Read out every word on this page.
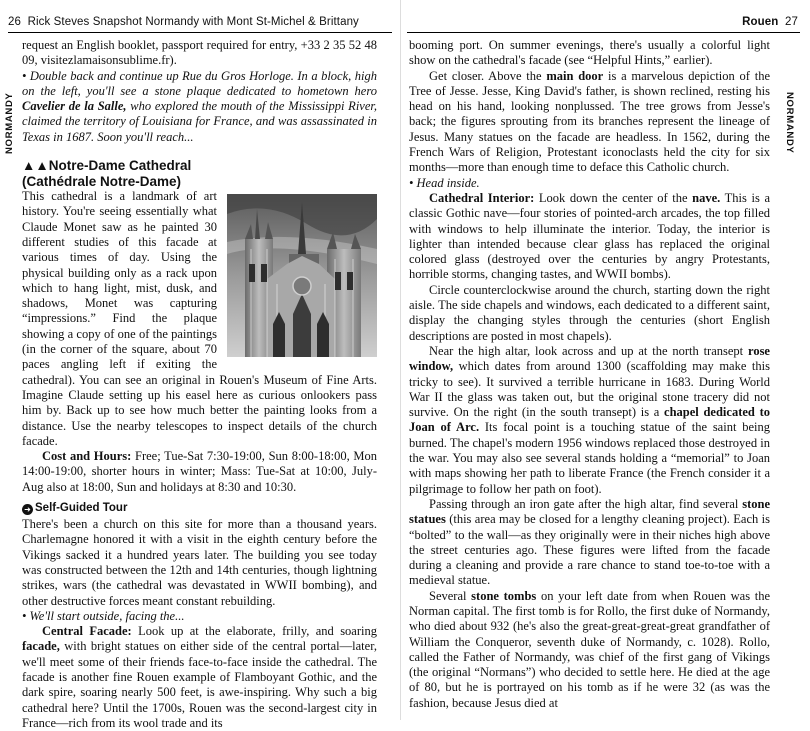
26 Rick Steves Snapshot Normandy with Mont St-Michel & Brittany
NORMANDY

request an English booklet, passport required for entry, +33 2 35 52 48 09, visitezlamaisonsublime.fr).

• Double back and continue up Rue du Gros Horloge. In a block, high on the left, you'll see a stone plaque dedicated to hometown hero Cavelier de la Salle, who explored the mouth of the Mississippi River, claimed the territory of Louisiana for France, and was assassinated in Texas in 1687. Soon you'll reach...

▲▲Notre-Dame Cathedral
(Cathédrale Notre-Dame)

This cathedral is a landmark of art history. You're seeing essentially what Claude Monet saw as he painted 30 different studies of this facade at various times of day. Using the physical building only as a rack upon which to hang light, mist, dusk, and shadows, Monet was capturing “impressions.” Find the plaque showing a copy of one of the paintings (in the corner of the square, about 70 paces angling left if exiting the cathedral). You can see an original in Rouen's Museum of Fine Arts. Imagine Claude setting up his easel here as curious onlookers pass him by. Back up to see how much better the painting looks from a distance. Use the nearby telescopes to inspect details of the church facade.

Cost and Hours: Free; Tue-Sat 7:30-19:00, Sun 8:00-18:00, Mon 14:00-19:00, shorter hours in winter; Mass: Tue-Sat at 10:00, July-Aug also at 18:00, Sun and holidays at 8:30 and 10:30.

➜ Self-Guided Tour

There's been a church on this site for more than a thousand years. Charlemagne honored it with a visit in the eighth century before the Vikings sacked it a hundred years later. The building you see today was constructed between the 12th and 14th centuries, though lightning strikes, wars (the cathedral was devastated in WWII bombing), and other destructive forces meant constant rebuilding.

• We'll start outside, facing the...

Central Facade: Look up at the elaborate, frilly, and soaring facade, with bright statues on either side of the central portal—later, we'll meet some of their friends face-to-face inside the cathedral. The facade is another fine Rouen example of Flamboyant Gothic, and the dark spire, soaring nearly 500 feet, is awe-inspiring. Why such a big cathedral here? Until the 1700s, Rouen was the second-largest city in France—rich from its wool trade and its

Rouen 27
NORMANDY

booming port. On summer evenings, there's usually a colorful light show on the cathedral's facade (see “Helpful Hints,” earlier).

Get closer. Above the main door is a marvelous depiction of the Tree of Jesse. Jesse, King David's father, is shown reclined, resting his head on his hand, looking nonplussed. The tree grows from Jesse's back; the figures sprouting from its branches represent the lineage of Jesus. Many statues on the facade are headless. In 1562, during the French Wars of Religion, Protestant iconoclasts held the city for six months—more than enough time to deface this Catholic church.

• Head inside.

Cathedral Interior: Look down the center of the nave. This is a classic Gothic nave—four stories of pointed-arch arcades, the top filled with windows to help illuminate the interior. Today, the interior is lighter than intended because clear glass has replaced the original colored glass (destroyed over the centuries by angry Protestants, horrible storms, changing tastes, and WWII bombs).

Circle counterclockwise around the church, starting down the right aisle. The side chapels and windows, each dedicated to a different saint, display the changing styles through the centuries (short English descriptions are posted in most chapels).

Near the high altar, look across and up at the north transept rose window, which dates from around 1300 (scaffolding may make this tricky to see). It survived a terrible hurricane in 1683. During World War II the glass was taken out, but the original stone tracery did not survive. On the right (in the south transept) is a chapel dedicated to Joan of Arc. Its focal point is a touching statue of the saint being burned. The chapel's modern 1956 windows replaced those destroyed in the war. You may also see several stands holding a “memorial” to Joan with maps showing her path to liberate France (the French consider it a pilgrimage to follow her path on foot).

Passing through an iron gate after the high altar, find several stone statues (this area may be closed for a lengthy cleaning project). Each is “bolted” to the wall—as they originally were in their niches high above the street centuries ago. These figures were lifted from the facade during a cleaning and provide a rare chance to stand toe-to-toe with a medieval statue.

Several stone tombs on your left date from when Rouen was the Norman capital. The first tomb is for Rollo, the first duke of Normandy, who died about 932 (he's also the great-great-great-great grandfather of William the Conqueror, seventh duke of Normandy, c. 1028). Rollo, called the Father of Normandy, was chief of the first gang of Vikings (the original “Normans”) who decided to settle here. He died at the age of 80, but he is portrayed on his tomb as if he were 32 (as was the fashion, because Jesus died at
